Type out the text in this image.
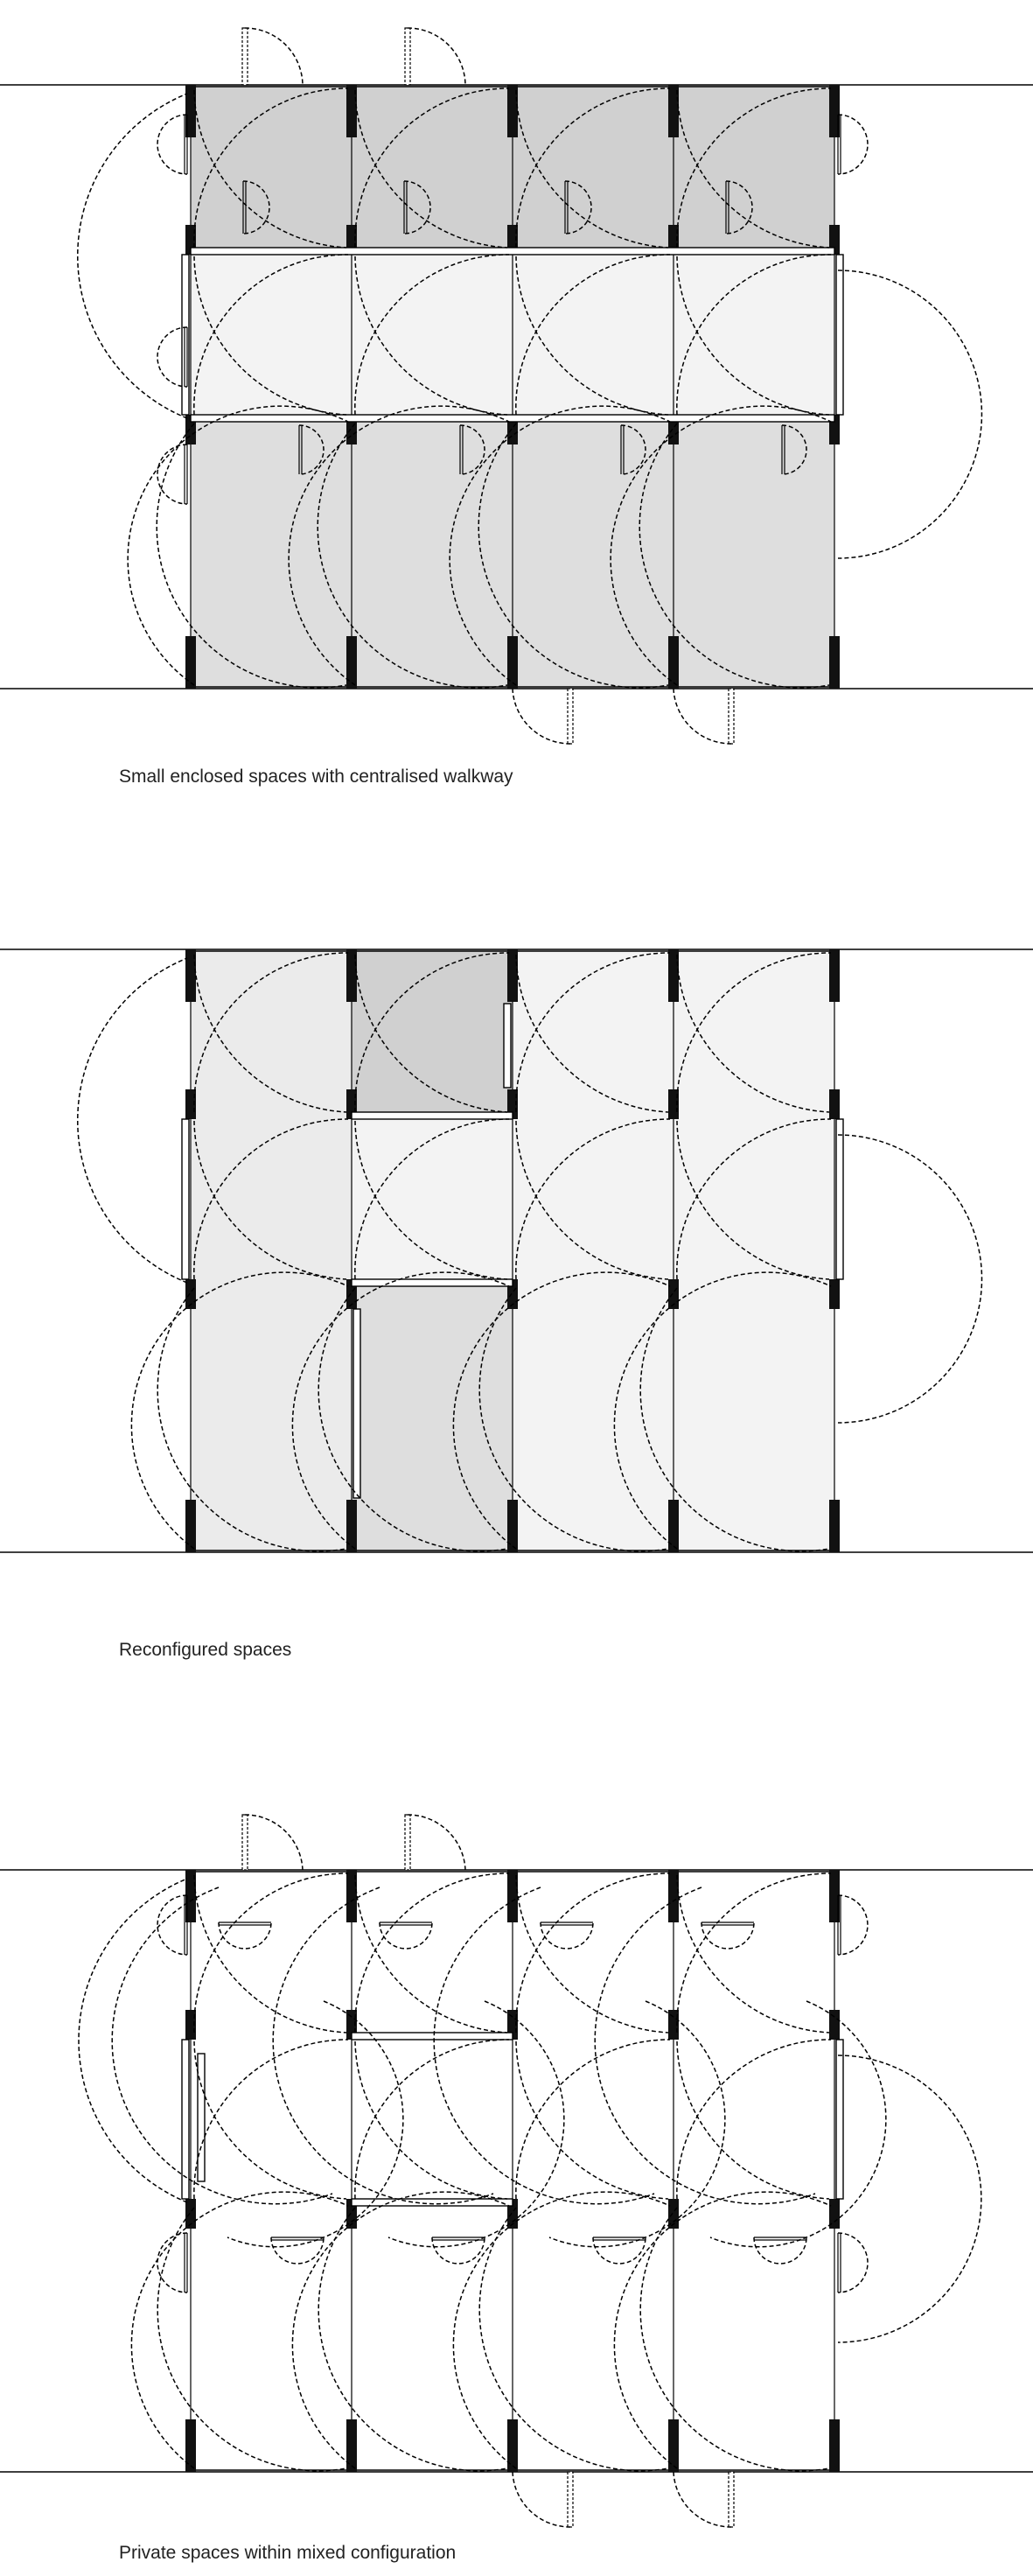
Small enclosed spaces with centralised walkway
Reconfigured spaces
Private spaces within mixed configuration
